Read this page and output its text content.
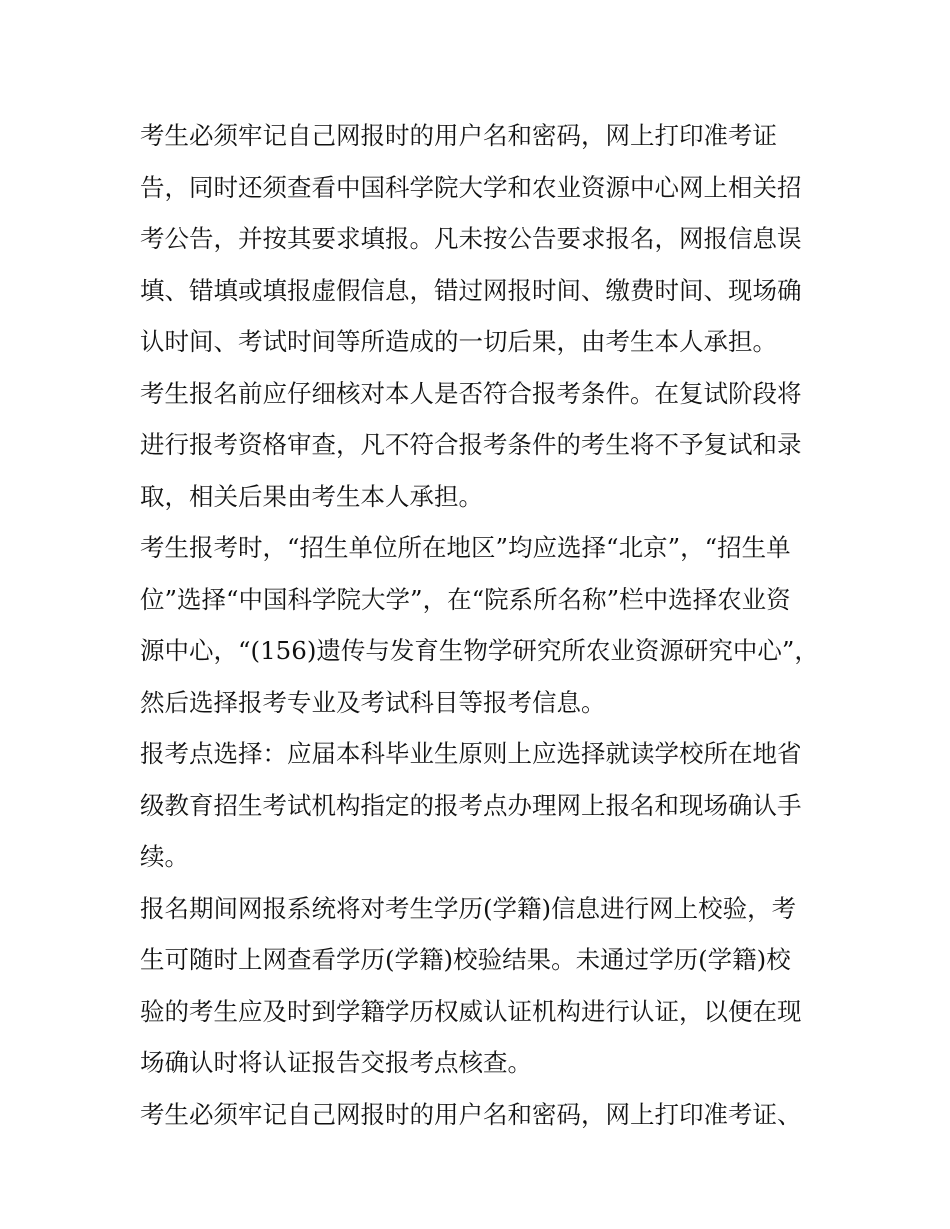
考生必须牢记自己网报时的用户名和密码，网上打印准考证
告，同时还须查看中国科学院大学和农业资源中心网上相关招
考公告，并按其要求填报。凡未按公告要求报名，网报信息误
填、错填或填报虚假信息，错过网报时间、缴费时间、现场确
认时间、考试时间等所造成的一切后果，由考生本人承担。
考生报名前应仔细核对本人是否符合报考条件。在复试阶段将
进行报考资格审查，凡不符合报考条件的考生将不予复试和录
取，相关后果由考生本人承担。
考生报考时，“招生单位所在地区”均应选择“北京”，“招生单
位”选择“中国科学院大学”，在“院系所名称”栏中选择农业资
源中心，“(156)遗传与发育生物学研究所农业资源研究中心”，
然后选择报考专业及考试科目等报考信息。
报考点选择：应届本科毕业生原则上应选择就读学校所在地省
级教育招生考试机构指定的报考点办理网上报名和现场确认手
续。
报名期间网报系统将对考生学历(学籍)信息进行网上校验，考
生可随时上网查看学历(学籍)校验结果。未通过学历(学籍)校
验的考生应及时到学籍学历权威认证机构进行认证，以便在现
场确认时将认证报告交报考点核查。
考生必须牢记自己网报时的用户名和密码，网上打印准考证、
